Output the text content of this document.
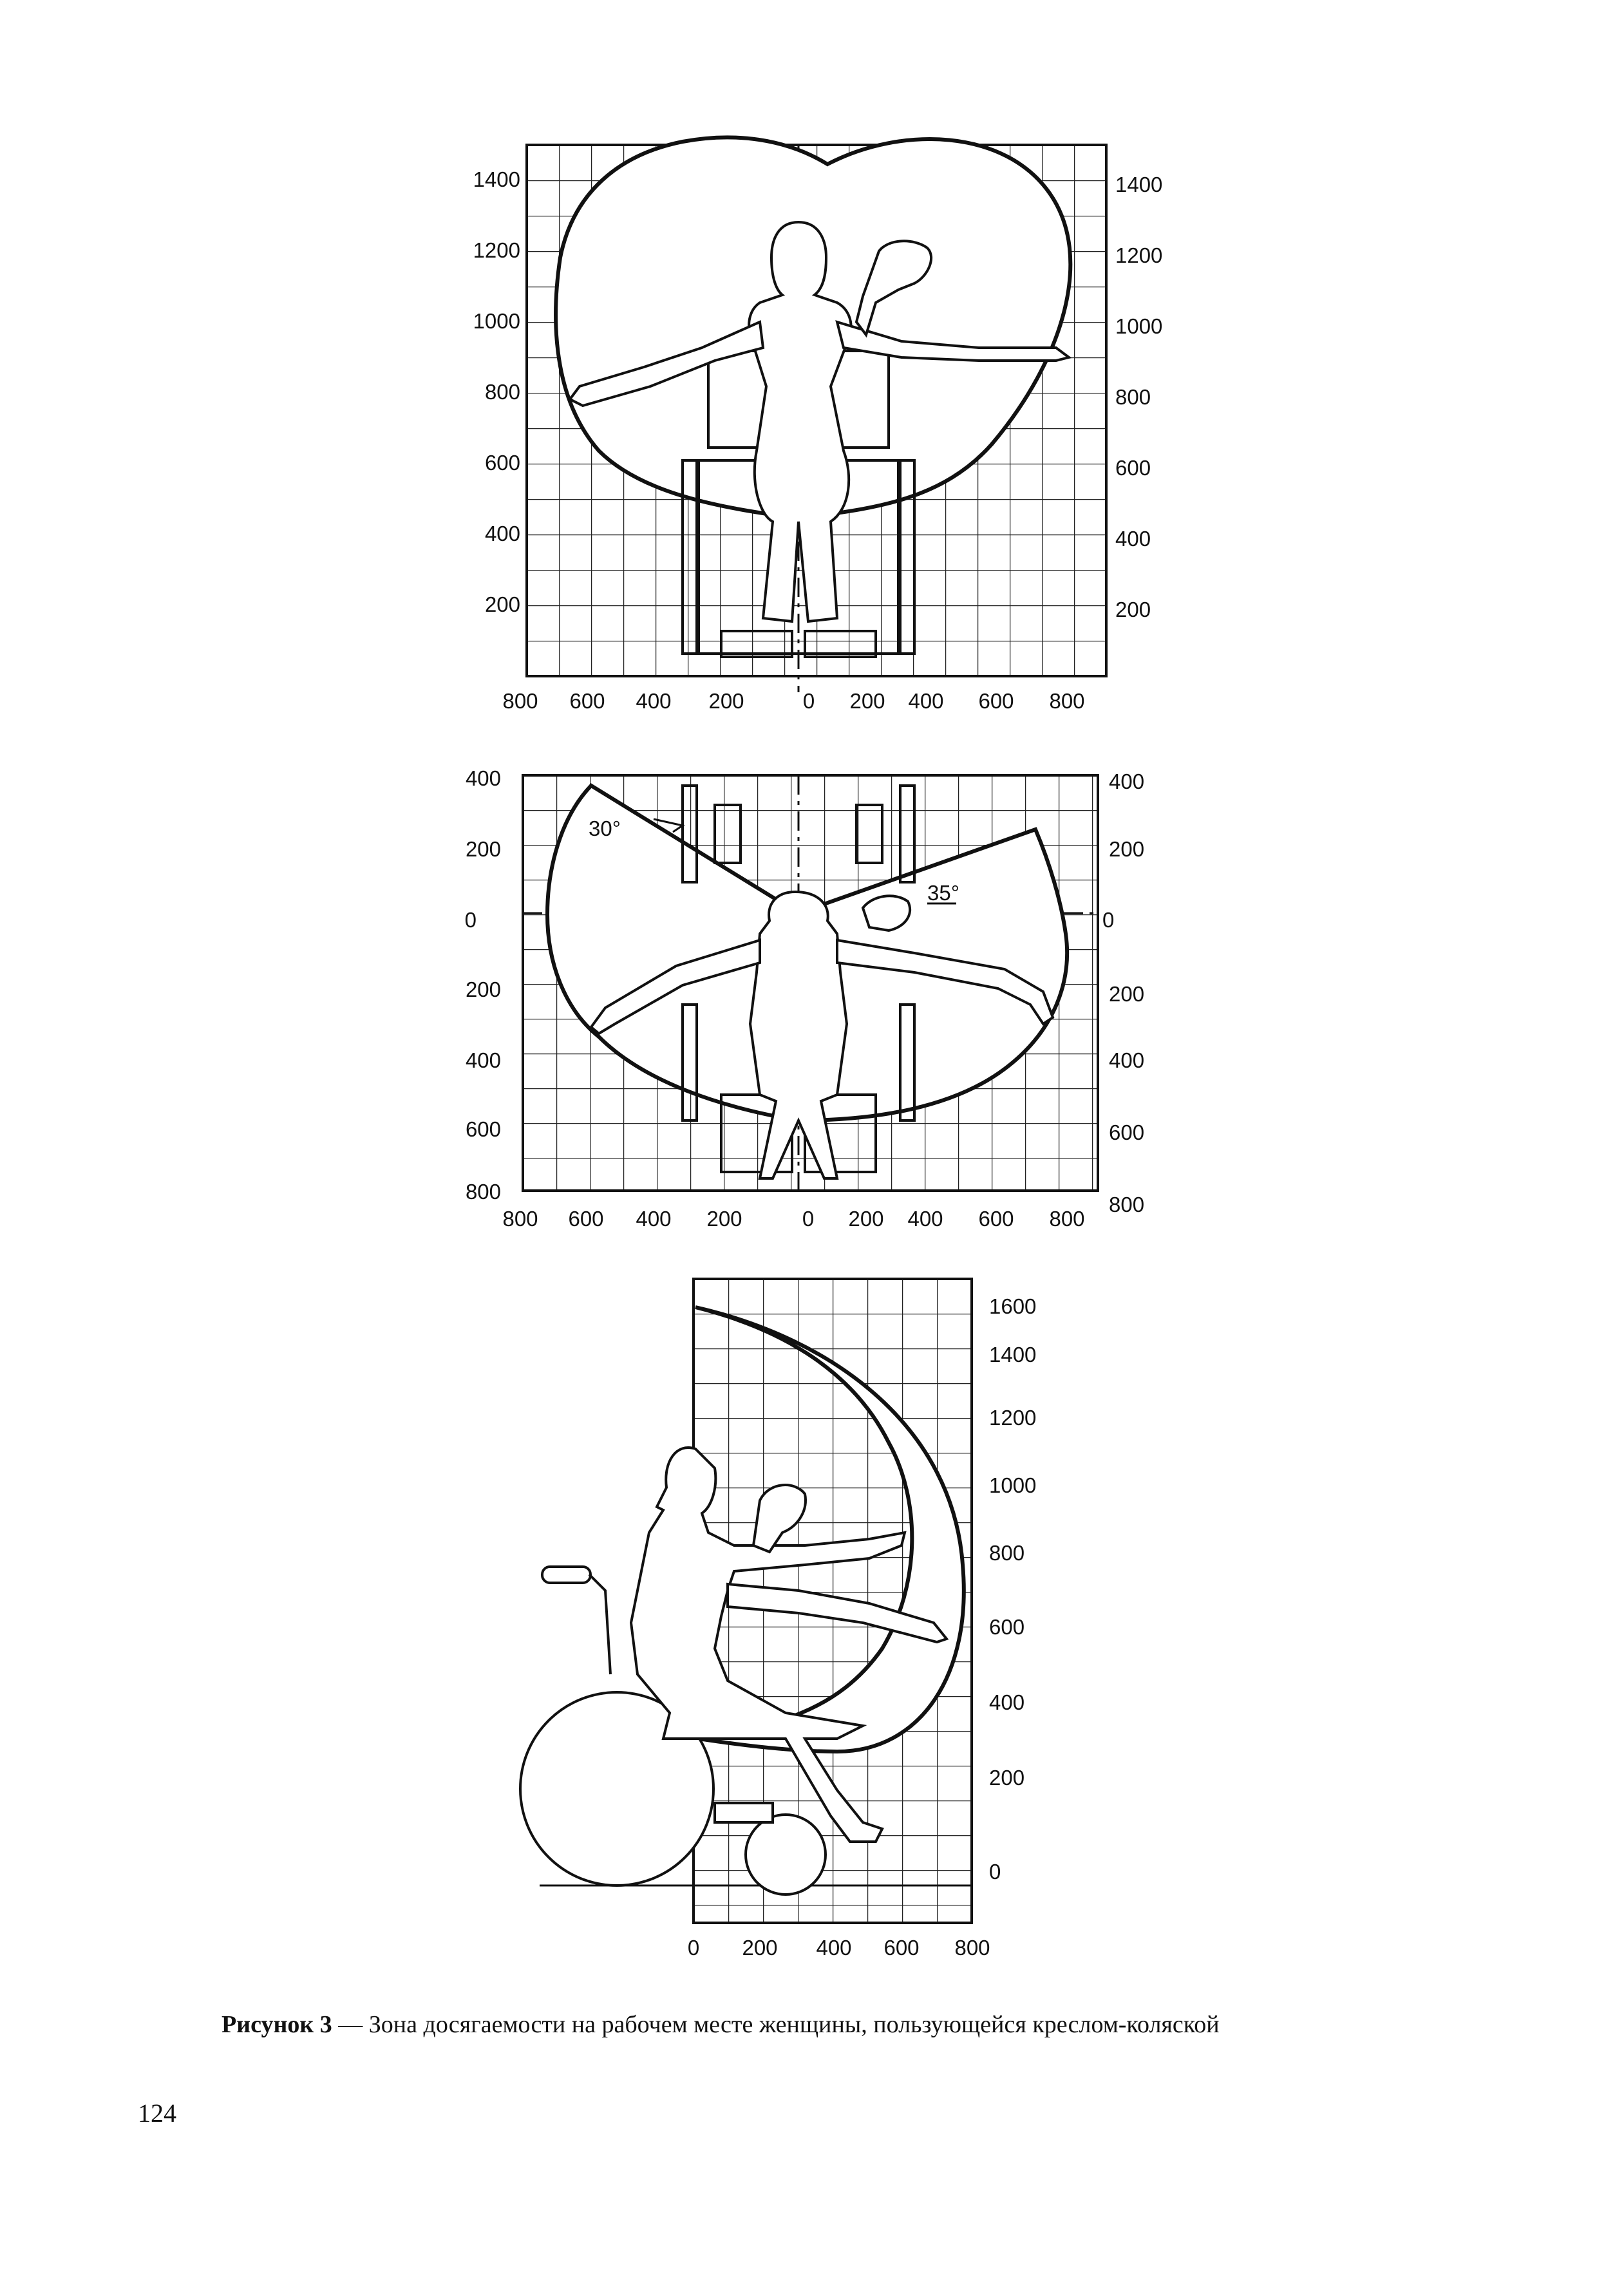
1400
1200
1000
800
600
400
200
1400
1200
1000
800
600
400
200
800 600 400 200	0 200 400 600 800
400
200
0
200
400
600
800
400
200
0
200
400
600
800
800 600 400 200	0 200 400 600 800
30°
35°
1600
1400
1200
1000
800
600
400
200
0
0 200 400 600 800
Рисунок 3 — Зона досягаемости на рабочем месте женщины, пользующейся креслом-коляской
124
